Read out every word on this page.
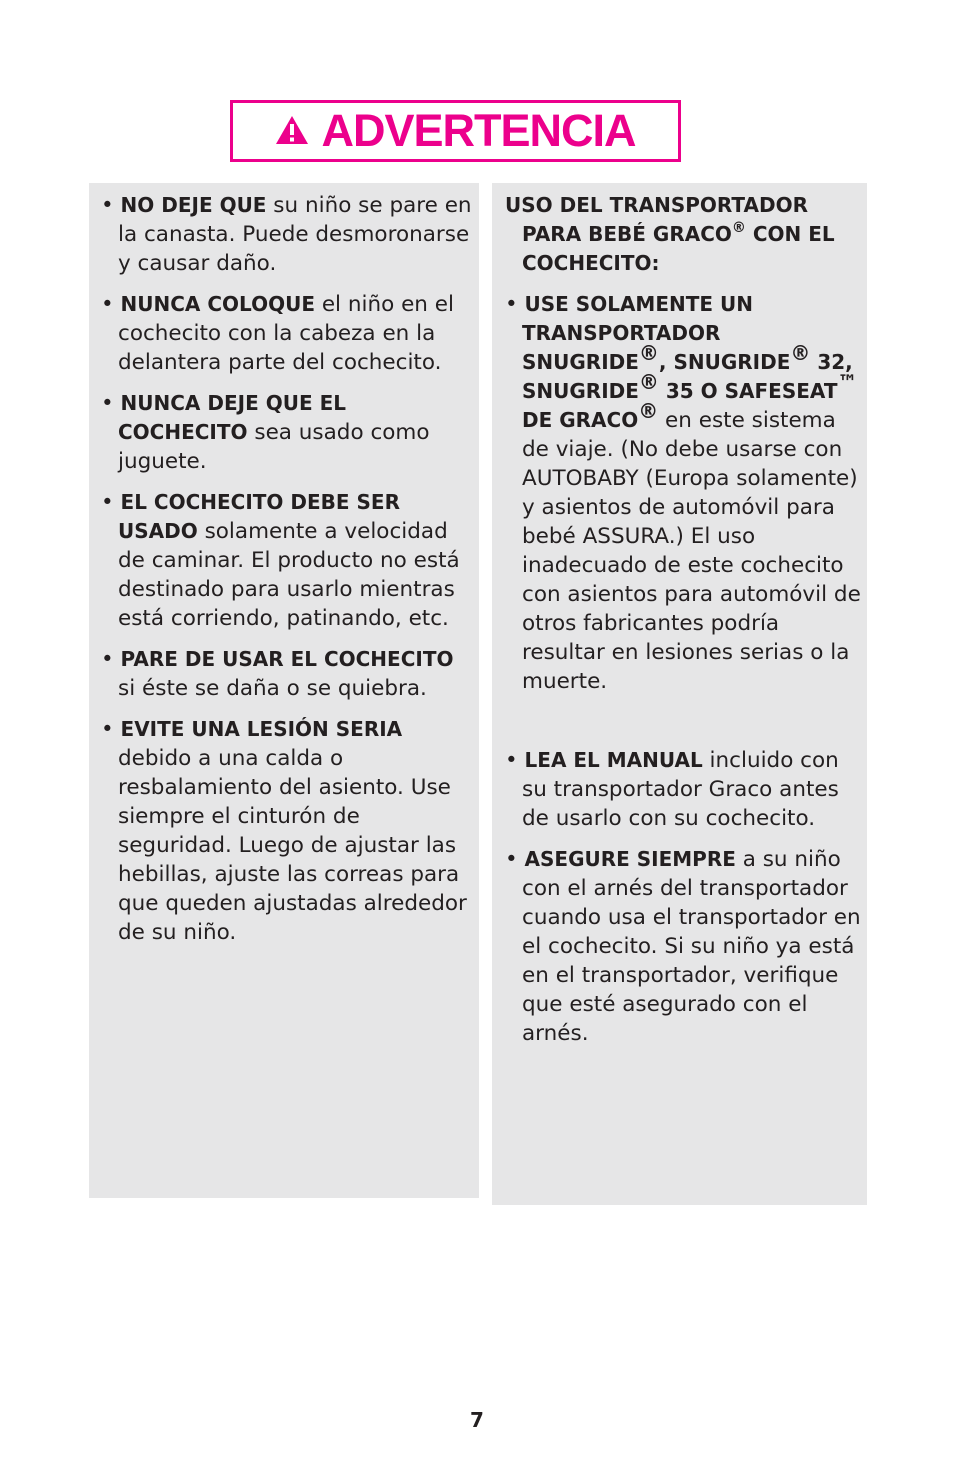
ADVERTENCIA

• NO DEJE QUE su niño se pare en la canasta. Puede desmoronarse y causar daño.

• NUNCA COLOQUE el niño en el cochecito con la cabeza en la delantera parte del cochecito.

• NUNCA DEJE QUE EL COCHECITO sea usado como juguete.

• EL COCHECITO DEBE SER USADO solamente a velocidad de caminar. El producto no está destinado para usarlo mientras está corriendo, patinando, etc.

• PARE DE USAR EL COCHECITO si éste se daña o se quiebra.

• EVITE UNA LESIÓN SERIA debido a una calda o resbalamiento del asiento. Use siempre el cinturón de seguridad. Luego de ajustar las hebillas, ajuste las correas para que queden ajustadas alrededor de su niño.

USO DEL TRANSPORTADOR PARA BEBÉ GRACO® CON EL COCHECITO:

• USE SOLAMENTE UN TRANSPORTADOR SNUGRIDE®, SNUGRIDE® 32, SNUGRIDE® 35 O SAFESEAT™ DE GRACO® en este sistema de viaje. (No debe usarse con AUTOBABY (Europa solamente) y asientos de automóvil para bebé ASSURA.) El uso inadecuado de este cochecito con asientos para automóvil de otros fabricantes podría resultar en lesiones serias o la muerte.

• LEA EL MANUAL incluido con su transportador Graco antes de usarlo con su cochecito.

• ASEGURE SIEMPRE a su niño con el arnés del transportador cuando usa el transportador en el cochecito. Si su niño ya está en el transportador, verifique que esté asegurado con el arnés.

7
